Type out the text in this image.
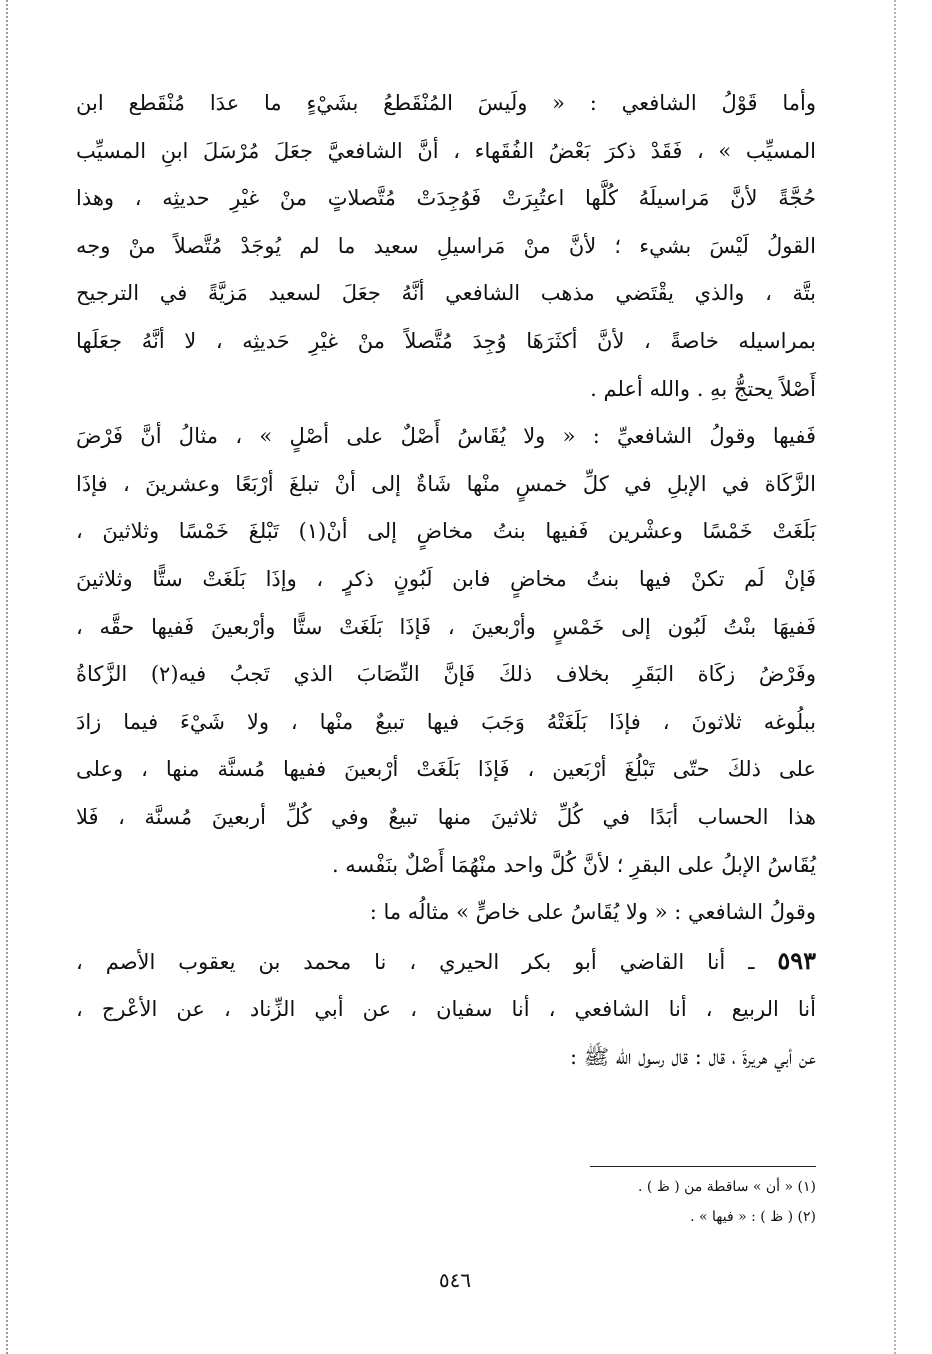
وأما قَوْلُ الشافعي : « ولَيسَ المُنْقَطعُ بشَيْءٍ ما عدَا مُنْقَطع ابن
المسيِّب » ، فَقَدْ ذكرَ بَعْضُ الفُقَهاء ، أنَّ الشافعيَّ جعَلَ مُرْسَلَ ابنِ المسيِّب
حُجَّةً لأنَّ مَراسيلَهُ كُلَّها اعتُبِرَتْ فَوُجِدَتْ مُتَّصلاتٍ منْ غيْرِ حديثِه ، وهذا
القولُ لَيْسَ بشيء ؛ لأنَّ منْ مَراسيلِ سعيد ما لم يُوجَدْ مُتَّصلاً منْ وجه
بتَّة ، والذي يقْتَضي مذهب الشافعي أنَّهُ جعَلَ لسعيد مَزيَّةً في الترجيح
بمراسيله خاصةً ، لأنَّ أكثَرَهَا وُجِدَ مُتَّصلاً منْ غيْرِ حَديثِه ، لا أنَّهُ جعَلَها
أَصْلاً يحتجُّ بهِ . والله أعلم .
فَفيها وقولُ الشافعيِّ : « ولا يُقَاسُ أَصْلٌ على أصْلٍ » ، مثالُ أنَّ فَرْضَ
الزَّكَاة في الإبلِ في كلِّ خمسٍ منْها شَاةٌ إلى أنْ تبلغَ أرْبَعًا وعشرينَ ، فإذَا
بَلَغَتْ خَمْسًا وعشْرين فَفيها بنتُ مخاضٍ إلى أنْ(١) تَبْلغَ خَمْسًا وثلاثينَ ،
فَإنْ لَم تكنْ فيها بنتُ مخاضٍ فابن لَبُونٍ ذكرٍ ، وإذَا بَلَغَتْ ستًّا وثلاثينَ
فَفيهَا بنْتُ لَبُون إلى خَمْسٍ وأرْبعينَ ، فَإذَا بَلَغَتْ ستًّا وأرْبعينَ فَفيها حقَّه ،
وفَرْضُ زكَاة البَقَرِ بخلاف ذلكَ فَإنَّ النِّصَابَ الذي تَجبُ فيه(٢) الزَّكاةُ
ببلُوغه ثلاثونَ ، فإذَا بَلَغَتْهُ وَجَبَ فيها تبيعٌ منْها ، ولا شَيْءَ فيما زادَ
على ذلكَ حتّى تَبْلُغَ أرْبَعين ، فَإذَا بَلَغَتْ أرْبعينَ ففيها مُسنَّة منها ، وعلى
هذا الحساب أبَدًا في كُلِّ ثلاثينَ منها تبيعٌ وفي كُلِّ أربعينَ مُسنَّة ، فَلا
يُقَاسُ الإبلُ على البقرِ ؛ لأنَّ كُلَّ واحد منْهُمَا أَصْلٌ بنَفْسه .
وقولُ الشافعي : « ولا يُقَاسُ على خاصٍّ » مثالُه ما :
٥٩٣ ـ أنا القاضي أبو بكر الحيري ، نا محمد بن يعقوب الأصم ،
أنا الربيع ، أنا الشافعي ، أنا سفيان ، عن أبي الزِّناد ، عن الأعْرج ،
عن أبي هريرةَ ، قال : قال رسول الله ﷺ :
(١) « أن » ساقطة من ( ظ ) .
(٢) ( ظ ) : « فيها » .
٥٤٦
